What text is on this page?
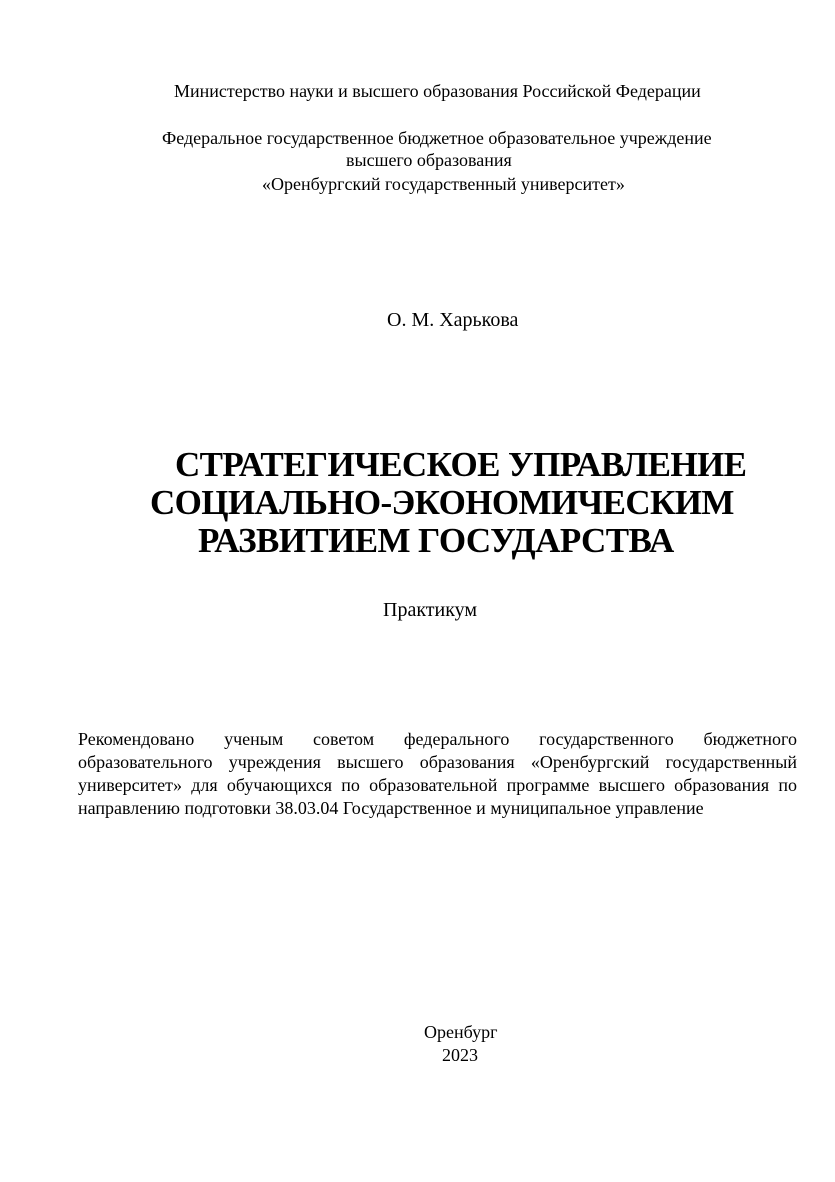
Министерство науки и высшего образования Российской Федерации
Федеральное государственное бюджетное образовательное учреждение
высшего образования
«Оренбургский государственный университет»
О. М. Харькова
СТРАТЕГИЧЕСКОЕ УПРАВЛЕНИЕ
СОЦИАЛЬНО-ЭКОНОМИЧЕСКИМ
РАЗВИТИЕМ ГОСУДАРСТВА
Практикум
Рекомендовано ученым советом федерального государственного бюджетного образовательного учреждения высшего образования «Оренбургский государственный университет» для обучающихся по образовательной программе высшего образования по направлению подготовки 38.03.04 Государственное и муниципальное управление
Оренбург
2023
